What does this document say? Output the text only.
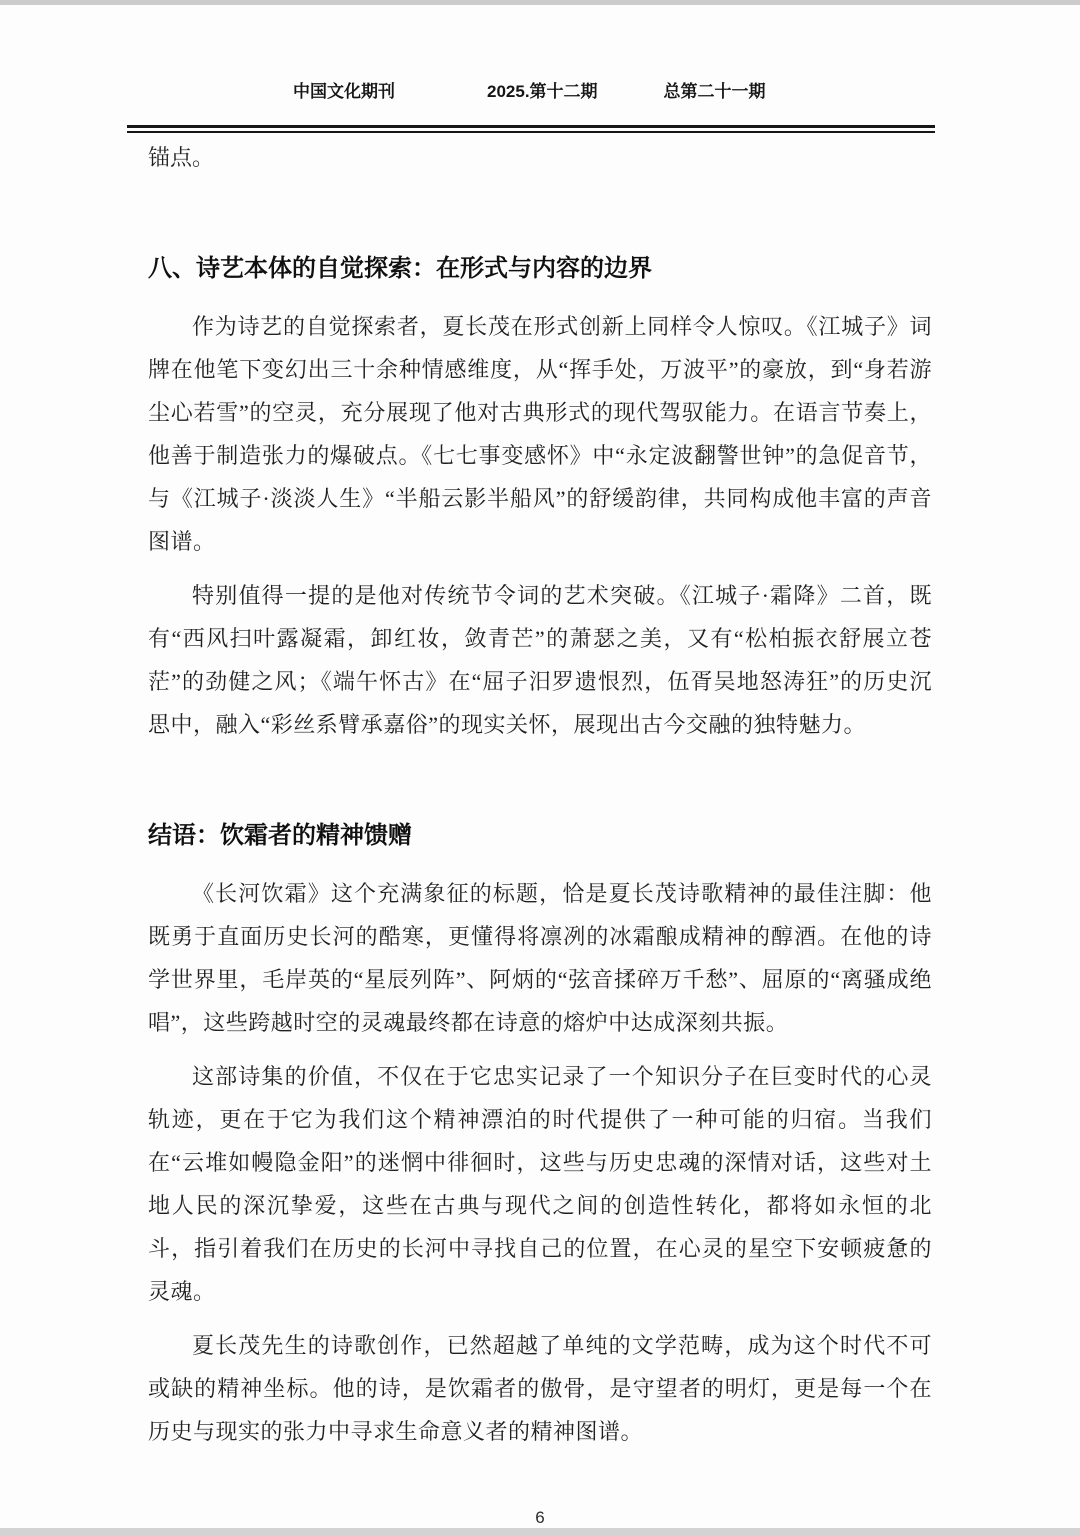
中国文化期刊	2025.第十二期	总第二十一期

锚点。

八、诗艺本体的自觉探索：在形式与内容的边界

作为诗艺的自觉探索者，夏长茂在形式创新上同样令人惊叹。《江城子》词牌在他笔下变幻出三十余种情感维度，从“挥手处，万波平”的豪放，到“身若游尘心若雪”的空灵，充分展现了他对古典形式的现代驾驭能力。在语言节奏上，他善于制造张力的爆破点。《七七事变感怀》中“永定波翻警世钟”的急促音节，与《江城子·淡淡人生》“半船云影半船风”的舒缓韵律，共同构成他丰富的声音图谱。

特别值得一提的是他对传统节令词的艺术突破。《江城子·霜降》二首，既有“西风扫叶露凝霜，卸红妆，敛青芒”的萧瑟之美，又有“松柏振衣舒展立苍茫”的劲健之风；《端午怀古》在“屈子汨罗遗恨烈，伍胥吴地怒涛狂”的历史沉思中，融入“彩丝系臂承嘉俗”的现实关怀，展现出古今交融的独特魅力。

结语：饮霜者的精神馈赠

《长河饮霜》这个充满象征的标题，恰是夏长茂诗歌精神的最佳注脚：他既勇于直面历史长河的酷寒，更懂得将凛冽的冰霜酿成精神的醇酒。在他的诗学世界里，毛岸英的“星辰列阵”、阿炳的“弦音揉碎万千愁”、屈原的“离骚成绝唱”，这些跨越时空的灵魂最终都在诗意的熔炉中达成深刻共振。

这部诗集的价值，不仅在于它忠实记录了一个知识分子在巨变时代的心灵轨迹，更在于它为我们这个精神漂泊的时代提供了一种可能的归宿。当我们在“云堆如幔隐金阳”的迷惘中徘徊时，这些与历史忠魂的深情对话，这些对土地人民的深沉挚爱，这些在古典与现代之间的创造性转化，都将如永恒的北斗，指引着我们在历史的长河中寻找自己的位置，在心灵的星空下安顿疲惫的灵魂。

夏长茂先生的诗歌创作，已然超越了单纯的文学范畴，成为这个时代不可或缺的精神坐标。他的诗，是饮霜者的傲骨，是守望者的明灯，更是每一个在历史与现实的张力中寻求生命意义者的精神图谱。

6
